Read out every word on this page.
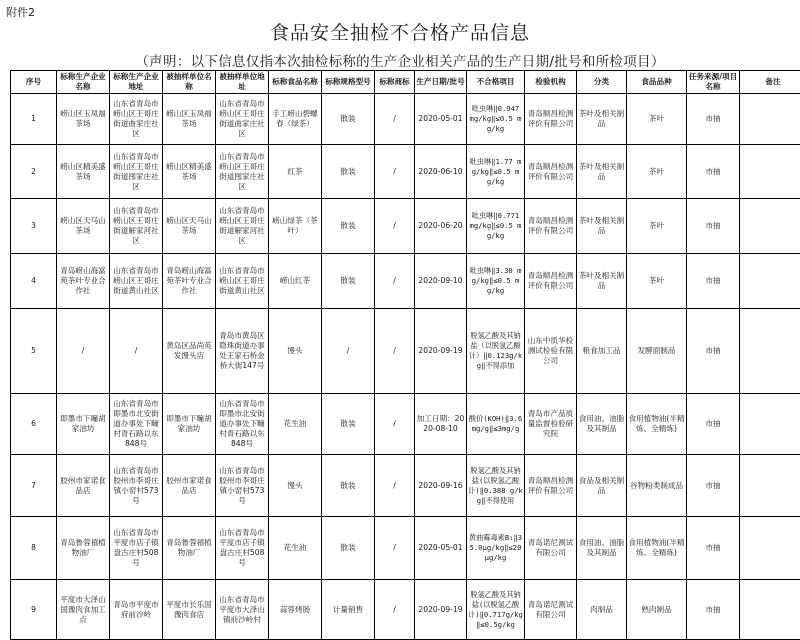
附件2
食品安全抽检不合格产品信息
（声明：以下信息仅指本次抽检标称的生产企业相关产品的生产日期/批号和所检项目）
序号	标称生产企业名称	标称生产企业地址	被抽样单位名称	被抽样单位地址	标称食品名称	标称规格型号	标称商标	生产日期/批号	不合格项目	检验机构	分类	食品品种	任务来源/项目名称	备注
1	崂山区玉凤福茶场	山东省青岛市崂山区王哥庄街道曲家庄社区	崂山区玉凤福茶场	山东省青岛市崂山区王哥庄街道曲家庄社区	手工崂山碧螺春（绿茶）	散装	/	2020-05-01	吡虫啉‖0.947 mg/kg‖≤0.5 mg/kg	青岛顺昌检测评价有限公司	茶叶及相关制品	茶叶	市抽	
2	崂山区精美盛茶场	山东省青岛市崂山区王哥庄街道囤家庄社区	崂山区精美盛茶场	山东省青岛市崂山区王哥庄街道囤家庄社区	红茶	散装	/	2020-06-10	吡虫啉‖1.77 mg/kg‖≤0.5 mg/kg	青岛顺昌检测评价有限公司	茶叶及相关制品	茶叶	市抽	
3	崂山区天马山茶场	山东省青岛市崂山区王哥庄街道解家河社区	崂山区天马山茶场	山东省青岛市崂山区王哥庄街道解家河社区	崂山绿茶（茶叶）	散装	/	2020-06-20	吡虫啉‖0.771 mg/kg‖≤0.5 mg/kg	青岛顺昌检测评价有限公司	茶叶及相关制品	茶叶	市抽	
4	青岛崂山海富苑茶叶专业合作社	山东省青岛市崂山区王哥庄街道黄山社区	青岛崂山海富苑茶叶专业合作社	山东省青岛市崂山区王哥庄街道黄山社区	崂山红茶	散装	/	2020-09-10	吡虫啉‖3.30 mg/kg‖≤0.5 mg/kg	青岛顺昌检测评价有限公司	茶叶及相关制品	茶叶	市抽	
5	/	/	黄岛区品尚英发馒头店	青岛市黄岛区隐珠街道办事处王家石桥金桥大街147号	馒头	/	/	2020-09-19	脱氢乙酸及其钠盐（以脱氢乙酸计）‖0.123g/kg‖不得添加	山东中质华检测试检验有限公司	粮食加工品	发酵面制品	市抽	
6	即墨市下疃胡家油坊	山东省青岛市即墨市北安街道办事处下疃村青石路以东848号	即墨市下疃胡家油坊	山东省青岛市即墨市北安街道办事处下疃村青石路以东848号	花生油	散装	/	加工日期：2020-08-10	酸价(KOH)‖3.6mg/g‖≤3mg/g	青岛市产品质量监督检验研究院	食用油、油脂及其制品	食用植物油(半精炼、全精炼)	市抽	
7	胶州市家诺食品店	山东省青岛市胶州市李哥庄镇小窑村573号	胶州市家诺食品店	山东省青岛市胶州市李哥庄镇小窑村573号	馒头	散装	/	2020-09-16	脱氢乙酸及其钠盐(以脱氢乙酸计)‖0.388 g/kg‖不得使用	青岛顺昌检测评价有限公司	食品及相关制品	谷物粉类制成品	市抽	
8	青岛鲁蓉禧植物油厂	山东省青岛市平度市店子镇盘古庄村508号	青岛鲁蓉禧植物油厂	山东省青岛市平度市店子镇盘古庄村508号	花生油	散装	/	2020-05-01	黄曲霉毒素B₁‖35.0μg/kg‖≤20μg/kg	青岛诺尼测试有限公司	食用油、油脂及其制品	食用植物油(半精炼、全精炼)	市抽	
9	平度市大泽山国豫肉食加工点	青岛市平度市府前沙岭	平度市长乐国豫肉食店	山东省青岛市平度市大泽山镇前沙岭村	蒜蓉烤肠	计量销售	/	2020-09-19	脱氢乙酸及其钠盐(以脱氢乙酸计)‖0.717g/kg‖≤0.5g/kg	青岛诺尼测试有限公司	肉制品	熟肉制品	市抽	
